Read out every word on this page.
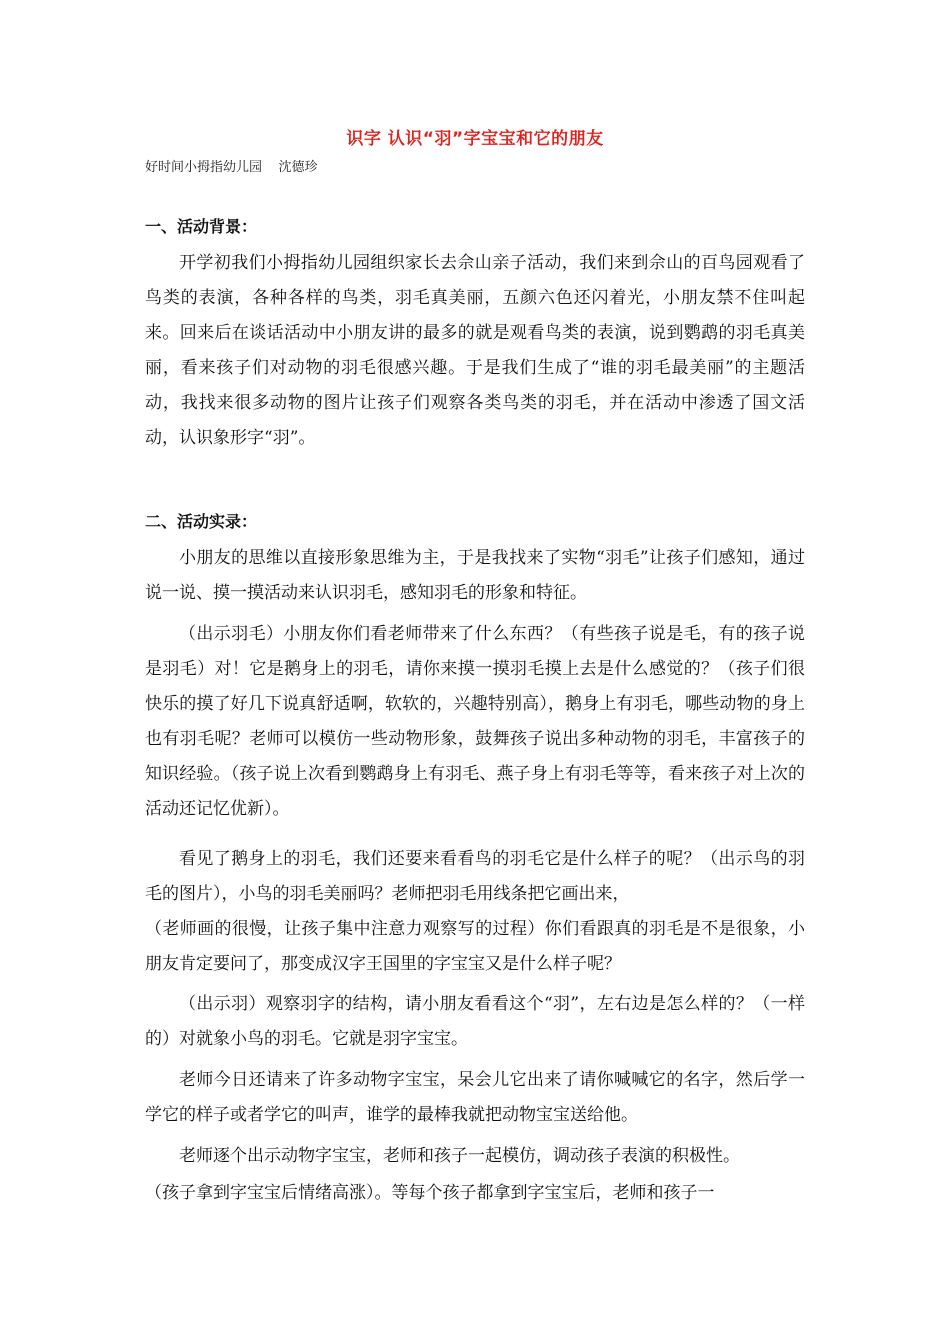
识字 认识“羽”字宝宝和它的朋友
好时间小拇指幼儿园    沈德珍
一、活动背景：
开学初我们小拇指幼儿园组织家长去佘山亲子活动，我们来到佘山的百鸟园观看了鸟类的表演，各种各样的鸟类，羽毛真美丽，五颜六色还闪着光，小朋友禁不住叫起来。回来后在谈话活动中小朋友讲的最多的就是观看鸟类的表演，说到鹦鹉的羽毛真美丽，看来孩子们对动物的羽毛很感兴趣。于是我们生成了“谁的羽毛最美丽”的主题活动，我找来很多动物的图片让孩子们观察各类鸟类的羽毛，并在活动中渗透了国文活动，认识象形字“羽”。
二、活动实录：
小朋友的思维以直接形象思维为主，于是我找来了实物“羽毛”让孩子们感知，通过说一说、摸一摸活动来认识羽毛，感知羽毛的形象和特征。
（出示羽毛）小朋友你们看老师带来了什么东西？（有些孩子说是毛，有的孩子说是羽毛）对！它是鹅身上的羽毛，请你来摸一摸羽毛摸上去是什么感觉的？（孩子们很快乐的摸了好几下说真舒适啊，软软的，兴趣特别高），鹅身上有羽毛，哪些动物的身上也有羽毛呢？老师可以模仿一些动物形象，鼓舞孩子说出多种动物的羽毛，丰富孩子的知识经验。（孩子说上次看到鹦鹉身上有羽毛、燕子身上有羽毛等等，看来孩子对上次的活动还记忆优新）。
看见了鹅身上的羽毛，我们还要来看看鸟的羽毛它是什么样子的呢？（出示鸟的羽毛的图片），小鸟的羽毛美丽吗？老师把羽毛用线条把它画出来，
（老师画的很慢，让孩子集中注意力观察写的过程）你们看跟真的羽毛是不是很象，小朋友肯定要问了，那变成汉字王国里的字宝宝又是什么样子呢？
（出示羽）观察羽字的结构，请小朋友看看这个“羽”，左右边是怎么样的？（一样的）对就象小鸟的羽毛。它就是羽字宝宝。
老师今日还请来了许多动物字宝宝，呆会儿它出来了请你喊喊它的名字，然后学一学它的样子或者学它的叫声，谁学的最棒我就把动物宝宝送给他。
老师逐个出示动物字宝宝，老师和孩子一起模仿，调动孩子表演的积极性。
（孩子拿到字宝宝后情绪高涨）。等每个孩子都拿到字宝宝后，老师和孩子一
